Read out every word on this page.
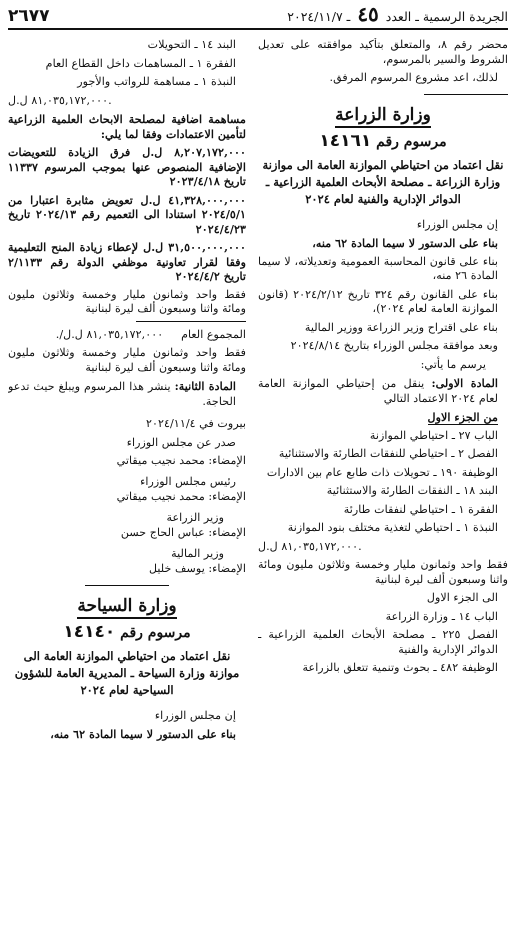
الجريدة الرسمية ـ العدد ٤٥ ـ ٢٠٢٤/١١/٧
٢٦٧٧

محضر رقم ٨، والمتعلق بتأكيد موافقته على تعديل الشروط والسير بالمرسوم،

لذلك، اعد مشروع المرسوم المرفق.

وزارة الزراعة
مرسوم رقم ١٤١٦١
نقل اعتماد من احتياطي الموازنة العامة الى موازنة وزارة الزراعة ـ مصلحة الأبحاث العلمية الزراعية ـ الدوائر الإدارية والفنية لعام ٢٠٢٤

إن مجلس الوزراء

بناء على الدستور لا سيما المادة ٦٢ منه،

بناء على قانون المحاسبة العمومية وتعديلاته، لا سيما المادة ٢٦ منه،

بناء على القانون رقم ٣٢٤ تاريخ ٢٠٢٤/٢/١٢ (قانون الموازنة العامة لعام ٢٠٢٤)،

بناء على اقتراح وزير الزراعة ووزير المالية

وبعد موافقة مجلس الوزراء بتاريخ ٢٠٢٤/٨/١٤

يرسم ما يأتي:

المادة الاولى: ينقل من إحتياطي الموازنة العامة لعام ٢٠٢٤ الاعتماد التالي

من الجزء الاول

الباب ٢٧ ـ احتياطي الموازنة

الفصل ٢ ـ احتياطي للنفقات الطارئة والاستثنائية

الوظيفة ١٩٠ ـ تحويلات ذات طابع عام بين الادارات

البند ١٨ ـ النفقات الطارئة والاستثنائية

الفقرة ١ ـ احتياطي لنفقات طارئة

النبذة ١ ـ احتياطي لتغذية مختلف بنود الموازنة

٨١,٠٣٥,١٧٢,٠٠٠ ل.ل.

فقط واحد وثمانون مليار وخمسة وثلاثون مليون ومائة واثنا وسبعون ألف ليرة لبنانية

الى الجزء الاول

الباب ١٤ ـ وزارة الزراعة

الفصل ٢٢٥ ـ مصلحة الأبحاث العلمية الزراعية ـ الدوائر الإدارية والفنية

الوظيفة ٤٨٢ ـ بحوث وتنمية تتعلق بالزراعة

البند ١٤ ـ التحويلات

الفقرة ١ ـ المساهمات داخل القطاع العام

النبذة ١ ـ مساهمة للرواتب والأجور

٨١,٠٣٥,١٧٢,٠٠٠ ل.ل.

مساهمة اضافية لمصلحة الابحاث العلمية الزراعية لتأمين الاعتمادات وفقا لما يلي:

٨,٢٠٧,١٧٢,٠٠٠ ل.ل فرق الزيادة للتعويضات الإضافية المنصوص عنها بموجب المرسوم ١١٣٣٧ تاريخ ٢٠٢٣/٤/١٨

٤١,٣٢٨,٠٠٠,٠٠٠ ل.ل تعويض مثابرة اعتبارا من ٢٠٢٤/٥/١ استنادا الى التعميم رقم ٢٠٢٤/١٣ تاريخ ٢٠٢٤/٤/٢٣

٣١,٥٠٠,٠٠٠,٠٠٠ ل.ل لإعطاء زيادة المنح التعليمية وفقا لقرار تعاونية موظفي الدولة رقم ٢/١١٣٣ تاريخ ٢٠٢٤/٤/٢

فقط واحد وثمانون مليار وخمسة وثلاثون مليون ومائة واثنا وسبعون ألف ليرة لبنانية

المجموع العام     ٨١,٠٣٥,١٧٢,٠٠٠ ل.ل/.

فقط واحد وثمانون مليار وخمسة وثلاثون مليون ومائة واثنا وسبعون ألف ليرة لبنانية

المادة الثانية: ينشر هذا المرسوم ويبلغ حيث تدعو الحاجة.

بيروت في ٢٠٢٤/١١/٤

صدر عن مجلس الوزراء

الإمضاء: محمد نجيب ميقاتي

رئيس مجلس الوزراء

الإمضاء: محمد نجيب ميقاتي

وزير الزراعة

الإمضاء: عباس الحاج حسن

وزير المالية

الإمضاء: يوسف خليل

وزارة السياحة
مرسوم رقم ١٤١٤٠
نقل اعتماد من احتياطي الموازنة العامة الى موازنة وزارة السياحة ـ المديرية العامة للشؤون السياحية لعام ٢٠٢٤

إن مجلس الوزراء

بناء على الدستور لا سيما المادة ٦٢ منه،
